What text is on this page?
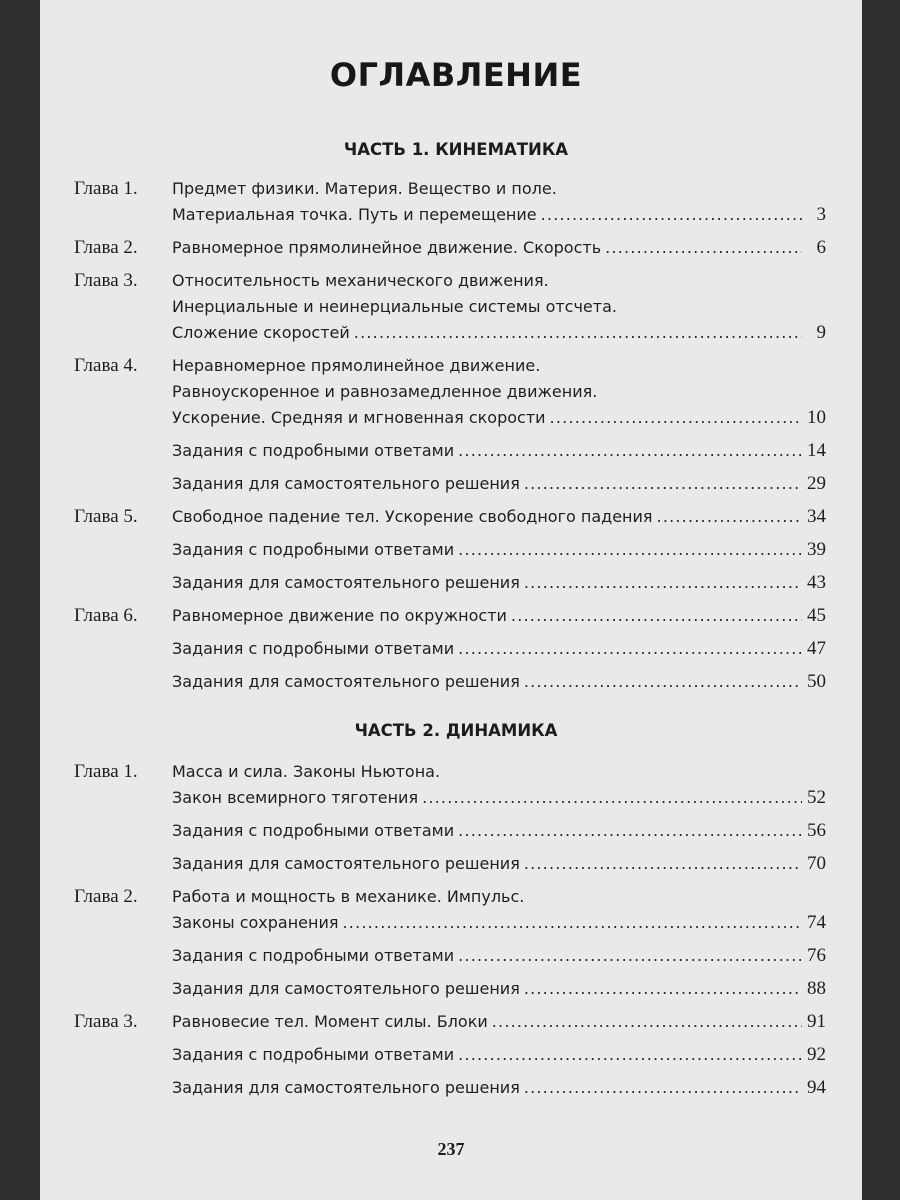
ОГЛАВЛЕНИЕ
ЧАСТЬ 1. КИНЕМАТИКА
Глава 1.	Предмет физики. Материя. Вещество и поле.
Материальная точка. Путь и перемещение .....	3
Глава 2.	Равномерное прямолинейное движение. Скорость .....	6
Глава 3.	Относительность механического движения.
Инерциальные и неинерциальные системы отсчета.
Сложение скоростей .....	9
Глава 4.	Неравномерное прямолинейное движение.
Равноускоренное и равнозамедленное движения.
Ускорение. Средняя и мгновенная скорости .....	10
Задания с подробными ответами .....	14
Задания для самостоятельного решения .....	29
Глава 5.	Свободное падение тел. Ускорение свободного падения .....	34
Задания с подробными ответами .....	39
Задания для самостоятельного решения .....	43
Глава 6.	Равномерное движение по окружности .....	45
Задания с подробными ответами .....	47
Задания для самостоятельного решения .....	50
ЧАСТЬ 2. ДИНАМИКА
Глава 1.	Масса и сила. Законы Ньютона.
Закон всемирного тяготения .....	52
Задания с подробными ответами .....	56
Задания для самостоятельного решения .....	70
Глава 2.	Работа и мощность в механике. Импульс.
Законы сохранения .....	74
Задания с подробными ответами .....	76
Задания для самостоятельного решения .....	88
Глава 3.	Равновесие тел. Момент силы. Блоки .....	91
Задания с подробными ответами .....	92
Задания для самостоятельного решения .....	94
237
